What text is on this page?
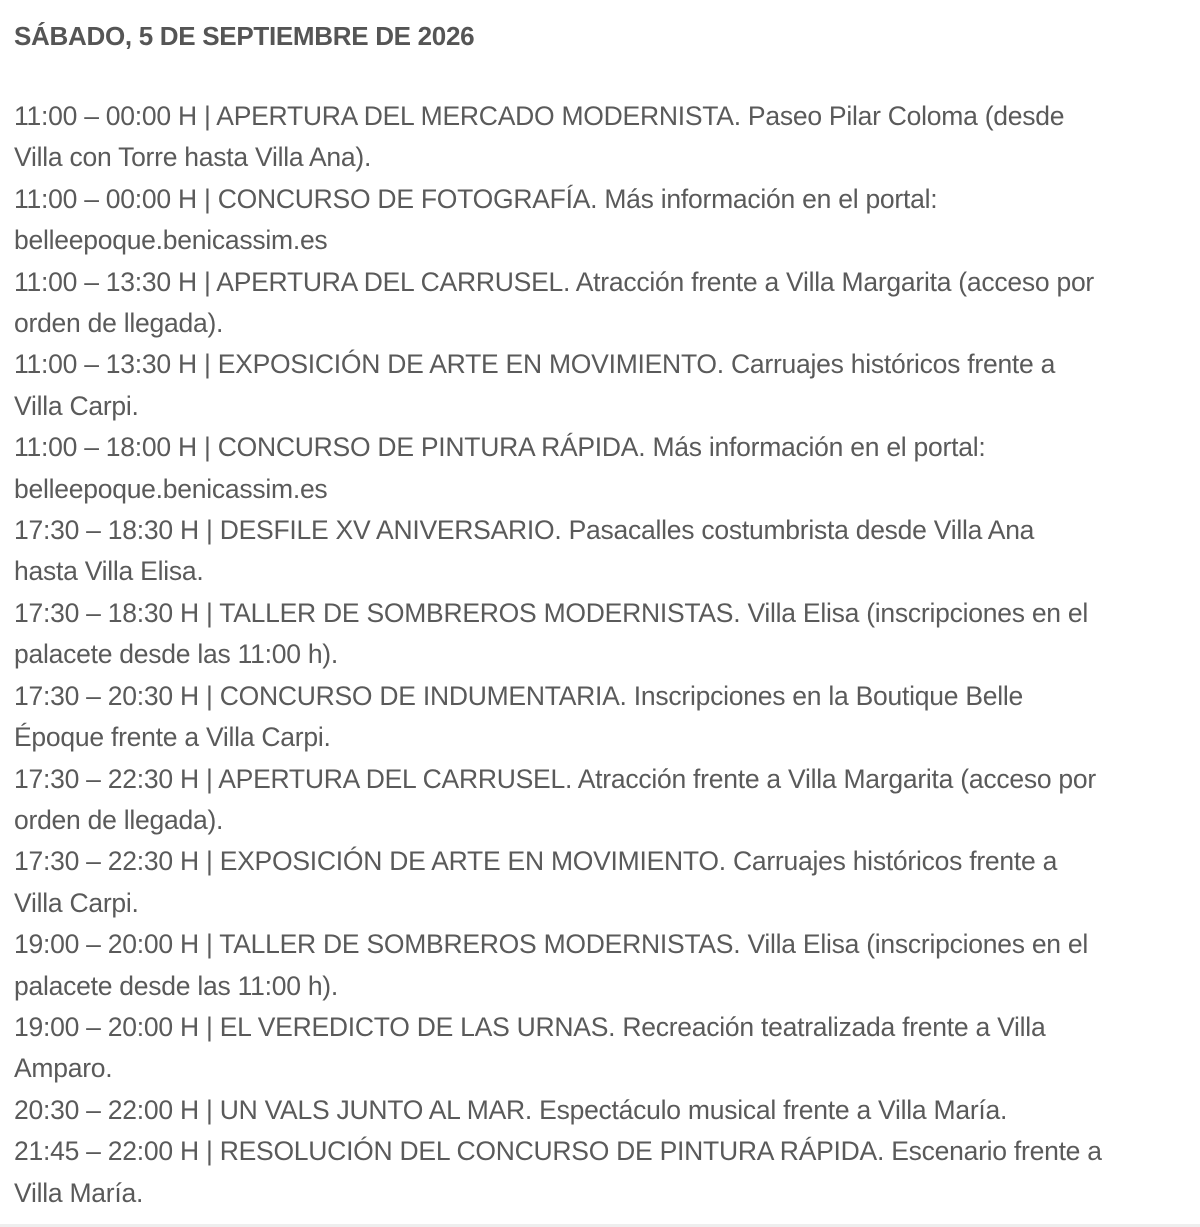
SÁBADO, 5 DE SEPTIEMBRE DE 2026
11:00 – 00:00 H | APERTURA DEL MERCADO MODERNISTA. Paseo Pilar Coloma (desde Villa con Torre hasta Villa Ana).
11:00 – 00:00 H | CONCURSO DE FOTOGRAFÍA. Más información en el portal: belleepoque.benicassim.es
11:00 – 13:30 H | APERTURA DEL CARRUSEL. Atracción frente a Villa Margarita (acceso por orden de llegada).
11:00 – 13:30 H | EXPOSICIÓN DE ARTE EN MOVIMIENTO. Carruajes históricos frente a Villa Carpi.
11:00 – 18:00 H | CONCURSO DE PINTURA RÁPIDA. Más información en el portal: belleepoque.benicassim.es
17:30 – 18:30 H | DESFILE XV ANIVERSARIO. Pasacalles costumbrista desde Villa Ana hasta Villa Elisa.
17:30 – 18:30 H | TALLER DE SOMBREROS MODERNISTAS. Villa Elisa (inscripciones en el palacete desde las 11:00 h).
17:30 – 20:30 H | CONCURSO DE INDUMENTARIA. Inscripciones en la Boutique Belle Époque frente a Villa Carpi.
17:30 – 22:30 H | APERTURA DEL CARRUSEL. Atracción frente a Villa Margarita (acceso por orden de llegada).
17:30 – 22:30 H | EXPOSICIÓN DE ARTE EN MOVIMIENTO. Carruajes históricos frente a Villa Carpi.
19:00 – 20:00 H | TALLER DE SOMBREROS MODERNISTAS. Villa Elisa (inscripciones en el palacete desde las 11:00 h).
19:00 – 20:00 H | EL VEREDICTO DE LAS URNAS. Recreación teatralizada frente a Villa Amparo.
20:30 – 22:00 H | UN VALS JUNTO AL MAR. Espectáculo musical frente a Villa María.
21:45 – 22:00 H | RESOLUCIÓN DEL CONCURSO DE PINTURA RÁPIDA. Escenario frente a Villa María.
